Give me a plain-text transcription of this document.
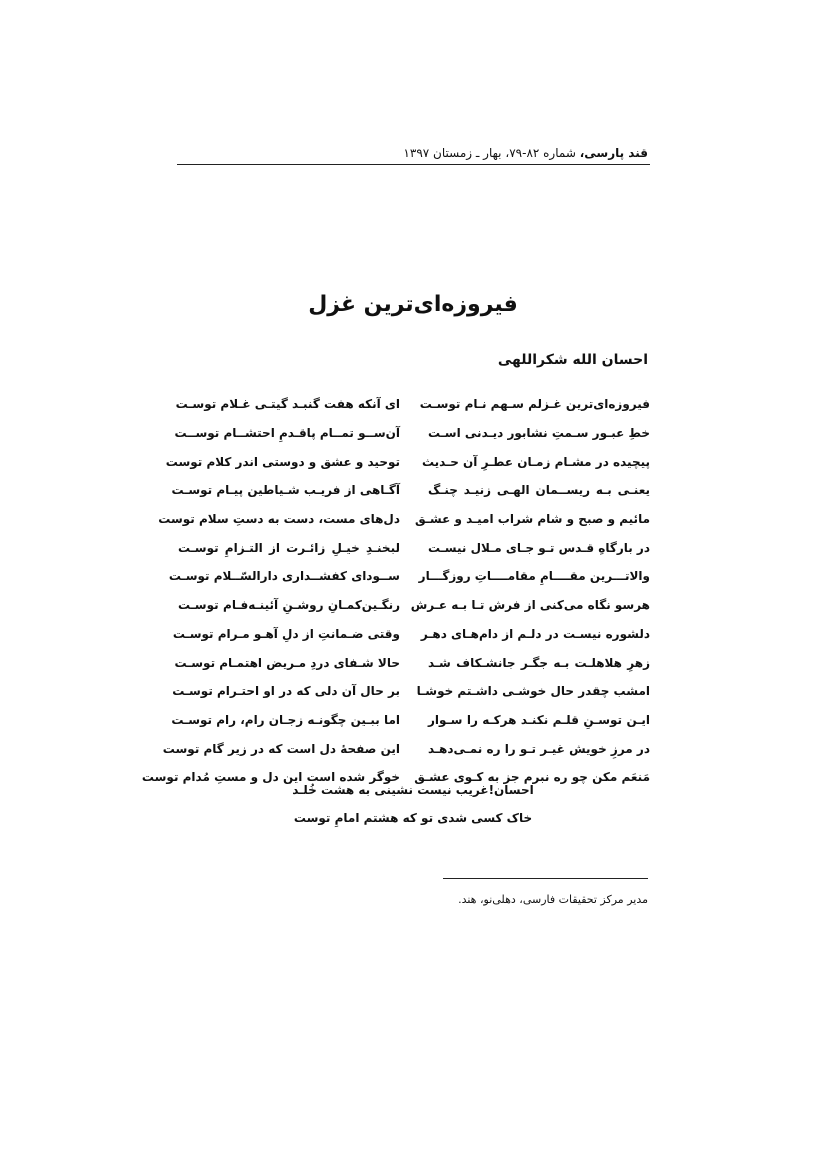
قند پارسی، شماره ۸۲-۷۹، بهار ـ زمستان ۱۳۹۷
فیروزه‌ای‌ترین غزل
احسان الله شکراللهی
فیروزه‌ای‌ترین غـزلم سـهم نـام توسـت
ای آنکه هفت گنبـد گیتـی غـلام توسـت
خطِ عبـور سـمتِ نشابور دیـدنی اسـت
آن‌ســو تمــام پاقـدمِ احتشــام توســت
پیچیده در مشـام زمـان عطـرِ آن حـدیث
توحید و عشق و دوستی اندر کلام توست
یعنـی بـه ریســمان الهـی زنیـد چنـگ
آگـاهی از فریـب شـیاطین پیـام توسـت
مائیم و صبح و شام شراب امیـد و عشـق
دل‌های مست، دست به دستِ سلام توست
در بارگاهِ قـدس تـو جـای مـلال نیسـت
لبخنـدِ خیـلِ زائـرت از التـزامِ توسـت
والاتـــرین مقــــامِ مقامــــاتِ روزگـــار
ســودای کفشــداری دارالسّــلام توسـت
هرسو نگاه می‌کنی از فرش تـا بـه عـرش
رنگـین‌کمـانِ روشـنِ آئینـه‌فـام توسـت
دلشوره نیسـت در دلـم از دام‌هـای دهـر
وقتی ضـمانتِ از دلِ آهـو مـرام توسـت
زهرِ هلاهلـت بـه جگـر جانشـکاف شـد
حالا شـفای دردِ مـریض اهتمـام توسـت
امشب چقدر حال خوشـی داشـتم خوشـا
بر حال آن دلی که در او احتـرام توسـت
ایـن توسـنِ قلـم نکنـد هرکـه را سـوار
اما ببـین چگونـه زجـان رام، رام توسـت
در مرزِ خویش غیـر تـو را ره نمـی‌دهـد
این صفحۀ دل است که در زیر گام توست
مَنعَم مکن چو ره نبرم جز به کـوی عشـق
خوگر شده است این دل و مستِ مُدام توست
احسان!غریب نیست نشینی به هشت خُلـد
خاک کسی شدی تو که هشتم امامِ توست
مدیر مرکز تحقیقات فارسی، دهلی‌نو، هند.
